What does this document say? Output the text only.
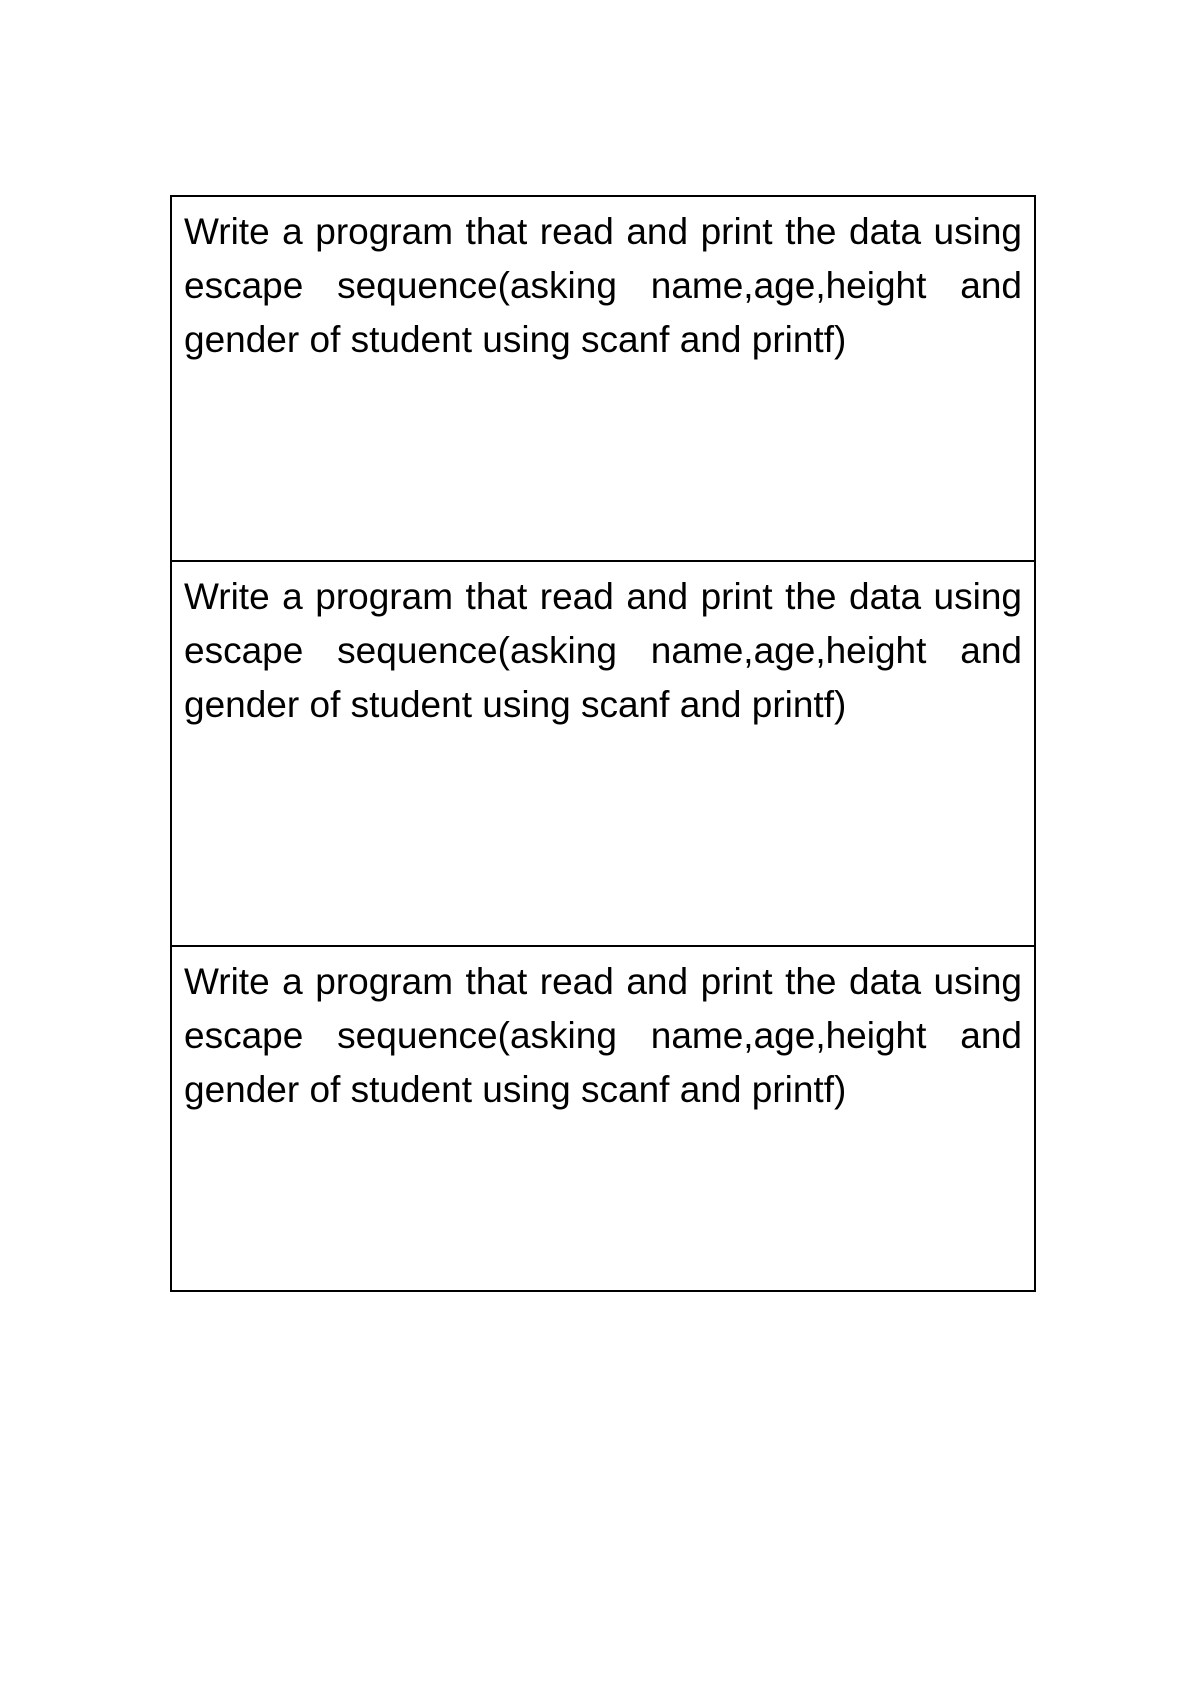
Write a program that read and print the data using escape sequence(asking name,age,height and gender of student using scanf and printf)

Write a program that read and print the data using escape sequence(asking name,age,height and gender of student using scanf and printf)

Write a program that read and print the data using escape sequence(asking name,age,height and gender of student using scanf and printf)
